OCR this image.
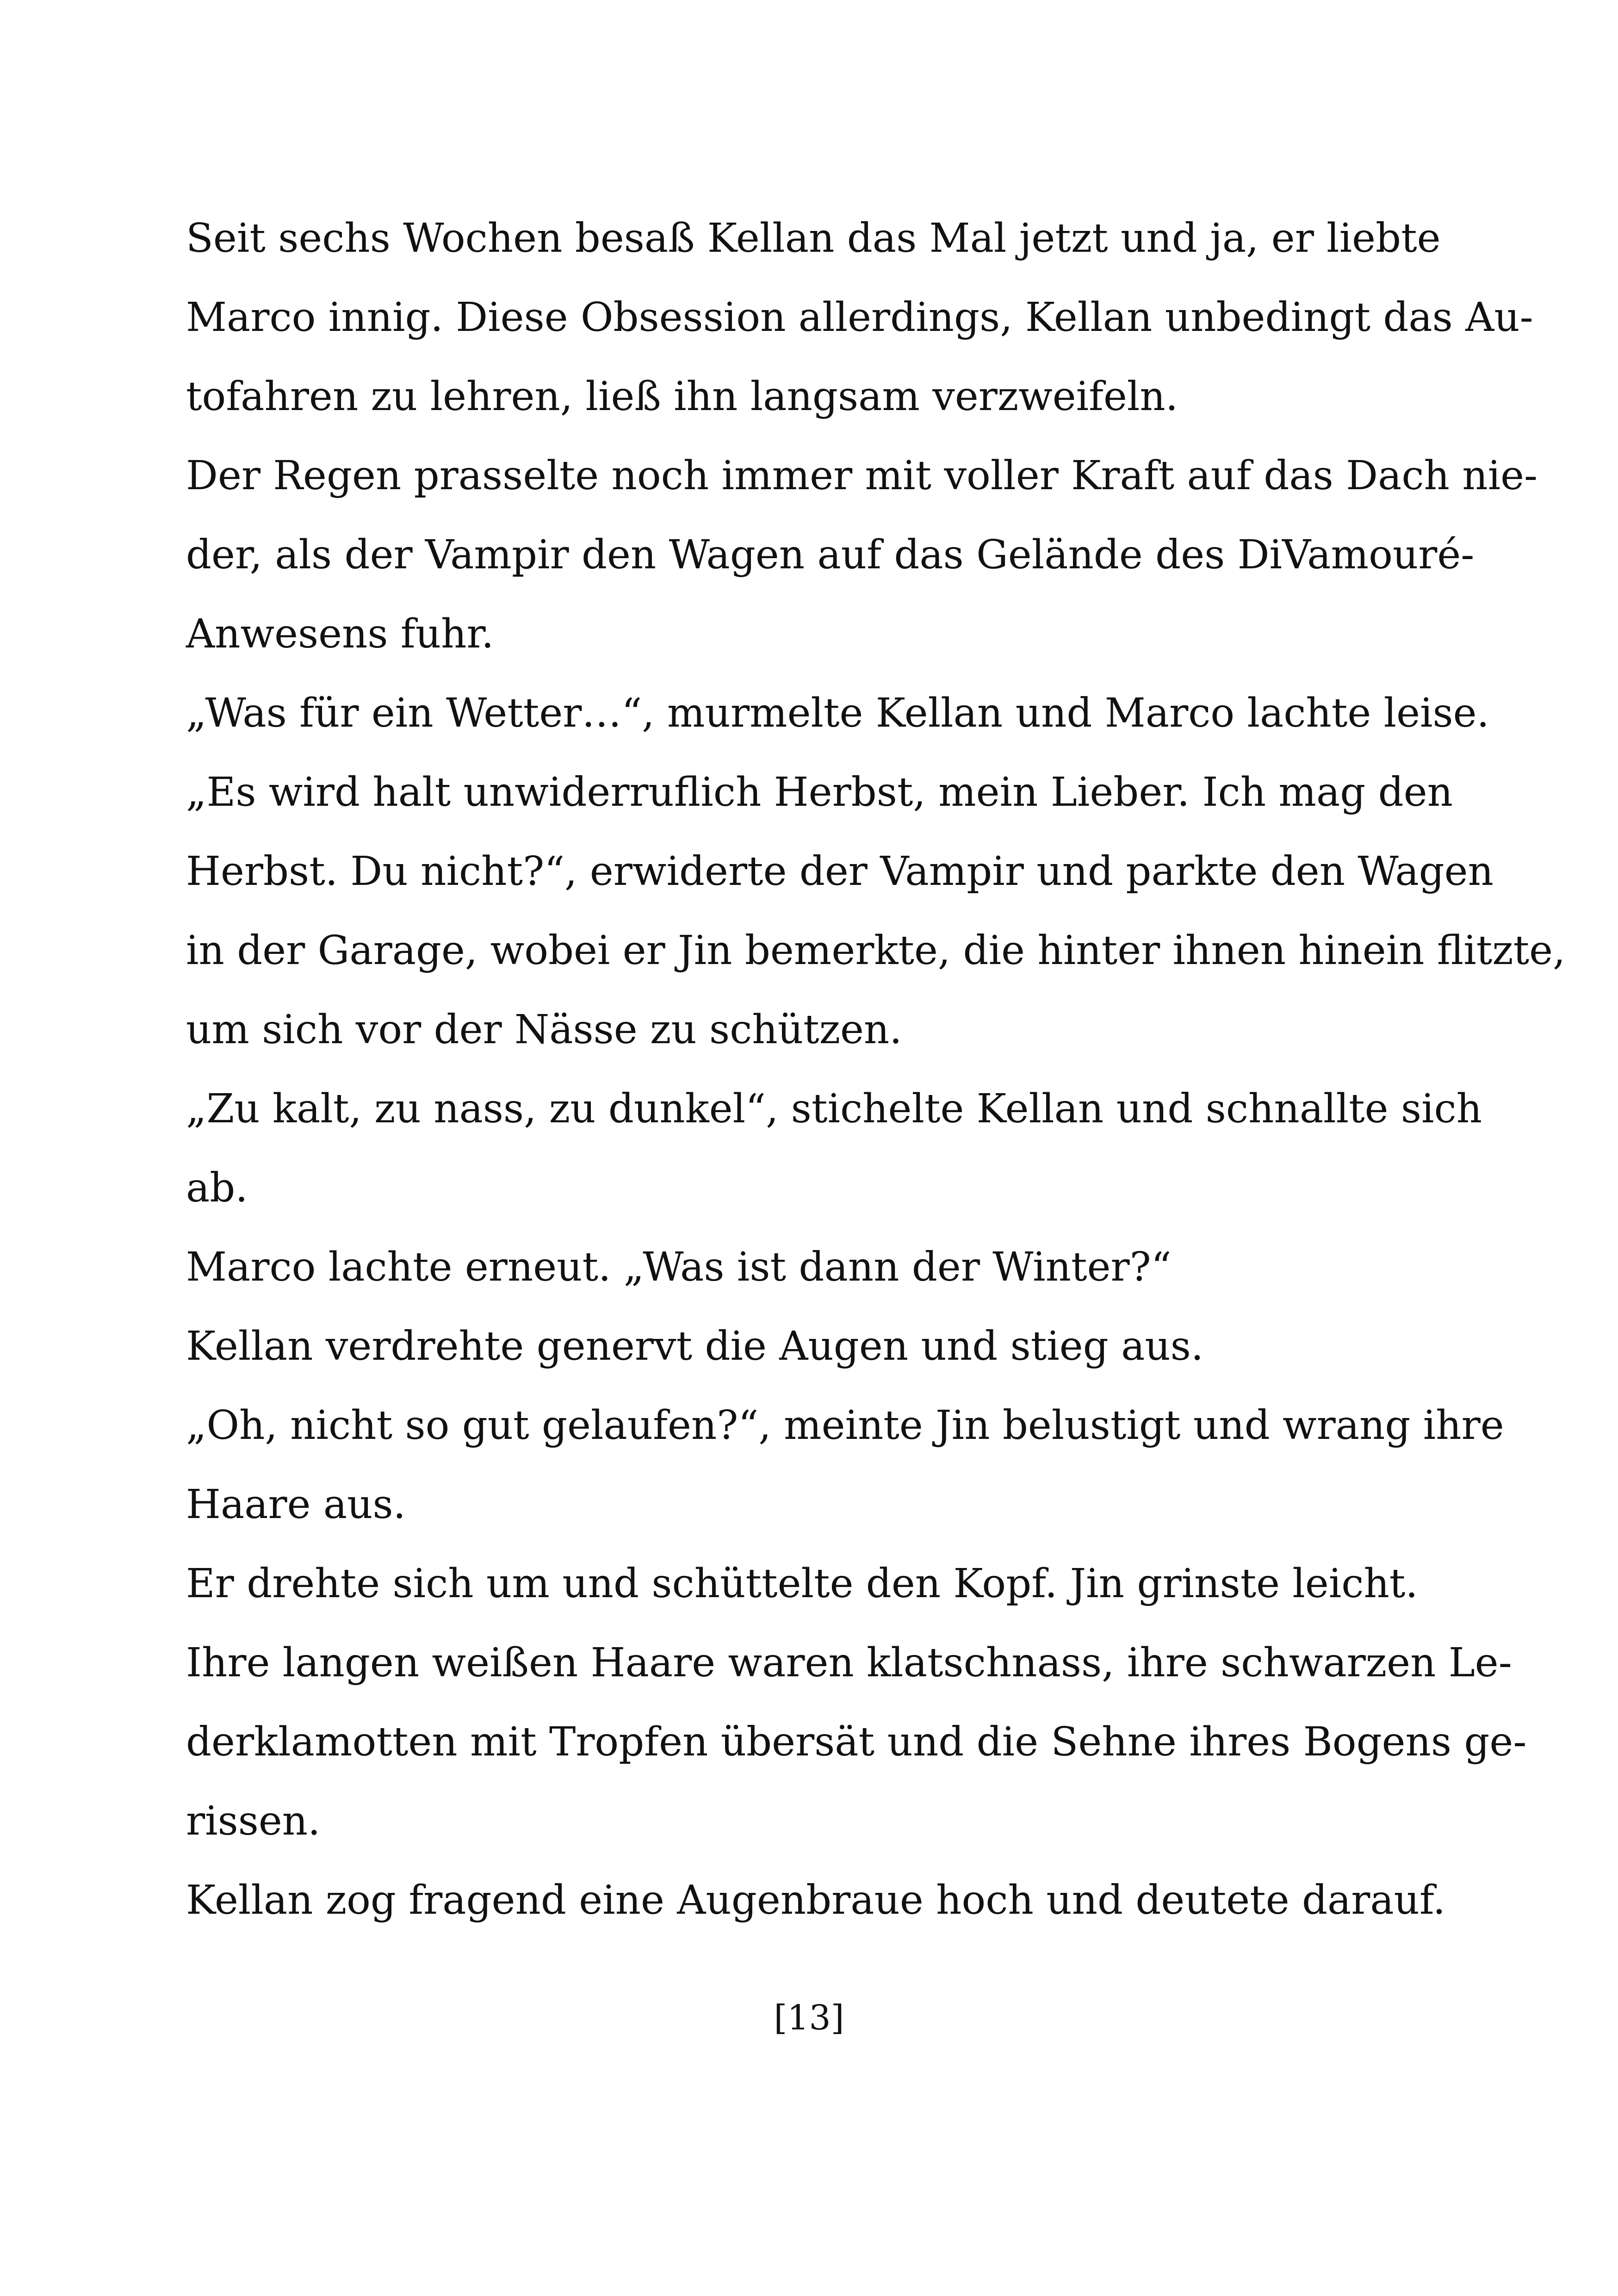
Seit sechs Wochen besaß Kellan das Mal jetzt und ja, er liebte
Marco innig. Diese Obsession allerdings, Kellan unbedingt das Au-
tofahren zu lehren, ließ ihn langsam verzweifeln.
Der Regen prasselte noch immer mit voller Kraft auf das Dach nie-
der, als der Vampir den Wagen auf das Gelände des DiVamouré-
Anwesens fuhr.
„Was für ein Wetter…“, murmelte Kellan und Marco lachte leise.
„Es wird halt unwiderruflich Herbst, mein Lieber. Ich mag den
Herbst. Du nicht?“, erwiderte der Vampir und parkte den Wagen
in der Garage, wobei er Jin bemerkte, die hinter ihnen hinein flitzte,
um sich vor der Nässe zu schützen.
„Zu kalt, zu nass, zu dunkel“, stichelte Kellan und schnallte sich
ab.
Marco lachte erneut. „Was ist dann der Winter?“
Kellan verdrehte genervt die Augen und stieg aus.
„Oh, nicht so gut gelaufen?“, meinte Jin belustigt und wrang ihre
Haare aus.
Er drehte sich um und schüttelte den Kopf. Jin grinste leicht.
Ihre langen weißen Haare waren klatschnass, ihre schwarzen Le-
derklamotten mit Tropfen übersät und die Sehne ihres Bogens ge-
rissen.
Kellan zog fragend eine Augenbraue hoch und deutete darauf.
[13]
